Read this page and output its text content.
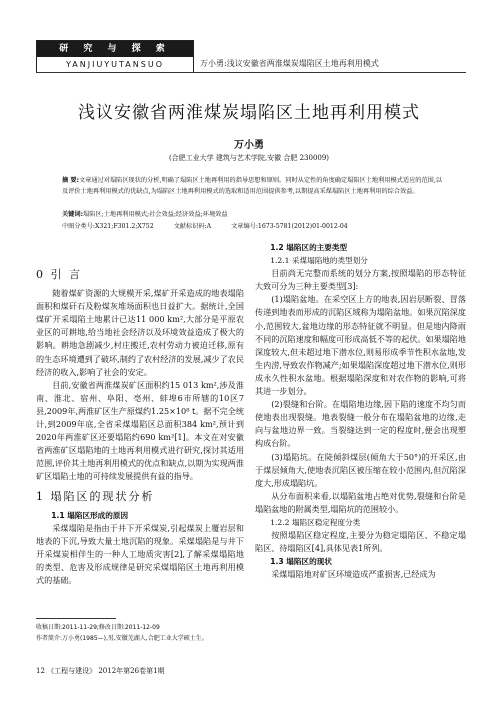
研 究 与 探 索
YANJIUYUTANSUO	万小勇:浅议安徽省两淮煤炭塌陷区土地再利用模式
浅议安徽省两淮煤炭塌陷区土地再利用模式
万小勇
(合肥工业大学 建筑与艺术学院,安徽 合肥 230009)
摘 要:文章通过对塌陷区现状的分析,明确了塌陷区土地再利用的指导思想和原则。同时从定性的角度确定塌陷区土地利用模式适应的范围,以及评价土地再利用模式的优缺点,为塌陷区土地再利用模式的选取和适用范围提供参考,以期提高采煤塌陷区土地再利用的综合效益。
关键词:塌陷区;土地再利用模式;社会效益;经济效益;环境效益
中图分类号:X321;F301.2;X752	文献标识码:A	文章编号:1673-5781(2012)01-0012-04
0 引 言

随着煤矿资源的大规模开采,煤矿开采造成的地表塌陷面积和煤矸石及粉煤灰堆场面积也日益扩大。据统计,全国煤矿开采塌陷土地累计已达11 000 km²,大部分是平原农业区的可耕地,给当地社会经济以及环境效益造成了极大的影响。耕地急剧减少,村庄搬迁,农村劳动力被迫迁移,原有的生态环境遭到了破坏,制约了农村经济的发展,减少了农民经济的收入,影响了社会的安定。

目前,安徽省两淮煤炭矿区面积约15 013 km²,涉及淮南、淮北、宿州、阜阳、亳州、蚌埠6市所辖的10区7县,2009年,两淮矿区生产原煤约1.25×10⁸ t。据不完全统计,到2009年底,全省采煤塌陷区总面积384 km²,预计到2020年两淮矿区还要塌陷约690 km²[1]。本文在对安徽省两淮矿区塌陷地的土地再利用模式进行研究,探讨其适用范围,评价其土地再利用模式的优点和缺点,以期为实现两淮矿区塌陷土地的可持续发展提供有益的指导。

1 塌陷区的现状分析

1.1 塌陷区形成的原因

采煤塌陷是指由于井下开采煤炭,引起煤炭上覆岩层和地表的下沉,导致大量土地沉陷的现象。采煤塌陷是与井下开采煤炭相伴生的一种人工地质灾害[2],了解采煤塌陷地的类型、危害及形成规律是研究采煤塌陷区土地再利用模式的基础。

1.2 塌陷区的主要类型

1.2.1 采煤塌陷地的类型划分

目前尚无完整而系统的划分方案,按照塌陷的形态特征大致可分为三种主要类型[3]:

(1)塌陷盆地。在采空区上方的地表,因岩层断裂、冒落传递到地表而形成的沉陷区域称为塌陷盆地。如果沉陷深度小,范围较大,盆地边缘的形态特征就不明显。但是地内降雨不同的沉陷速度和幅度可形成高低不等的起伏。如果塌陷地深度较大,但未超过地下潜水位,则易形成季节性积水盆地,发生内涝,导致农作物减产;如果塌陷深度超过地下潜水位,则形成永久性积水盆地。根据塌陷深度和对农作物的影响,可将其进一步划分。

(2)裂缝和台阶。在塌陷地边缘,因下陷的速度不均匀而使地表出现裂缝。地表裂缝一般分布在塌陷盆地的边缘,走向与盆地边界一致。当裂缝达到一定的程度时,便会出现塑构成台阶。

(3)塌陷坑。在陡倾斜煤层(倾角大于50°)的开采区,由于煤层倾角大,使地表沉陷区被压缩在较小范围内,但沉陷深度大,形成塌陷坑。

从分布面积来看,以塌陷盆地占绝对优势,裂缝和台阶是塌陷盆地的附属类型,塌陷坑的范围较小。

1.2.2 塌陷区稳定程度分类

按照塌陷区稳定程度,主要分为稳定塌陷区、不稳定塌陷区、待塌陷区[4],具体见表1所列。

1.3 塌陷区的现状

采煤塌陷地对矿区环境造成严重损害,已经成为

收稿日期:2011-11-29;修改日期:2011-12-09
作者简介:万小勇(1985—),男,安徽芜湖人,合肥工业大学硕士生。
12 《工程与建设》 2012年第26卷第1期
